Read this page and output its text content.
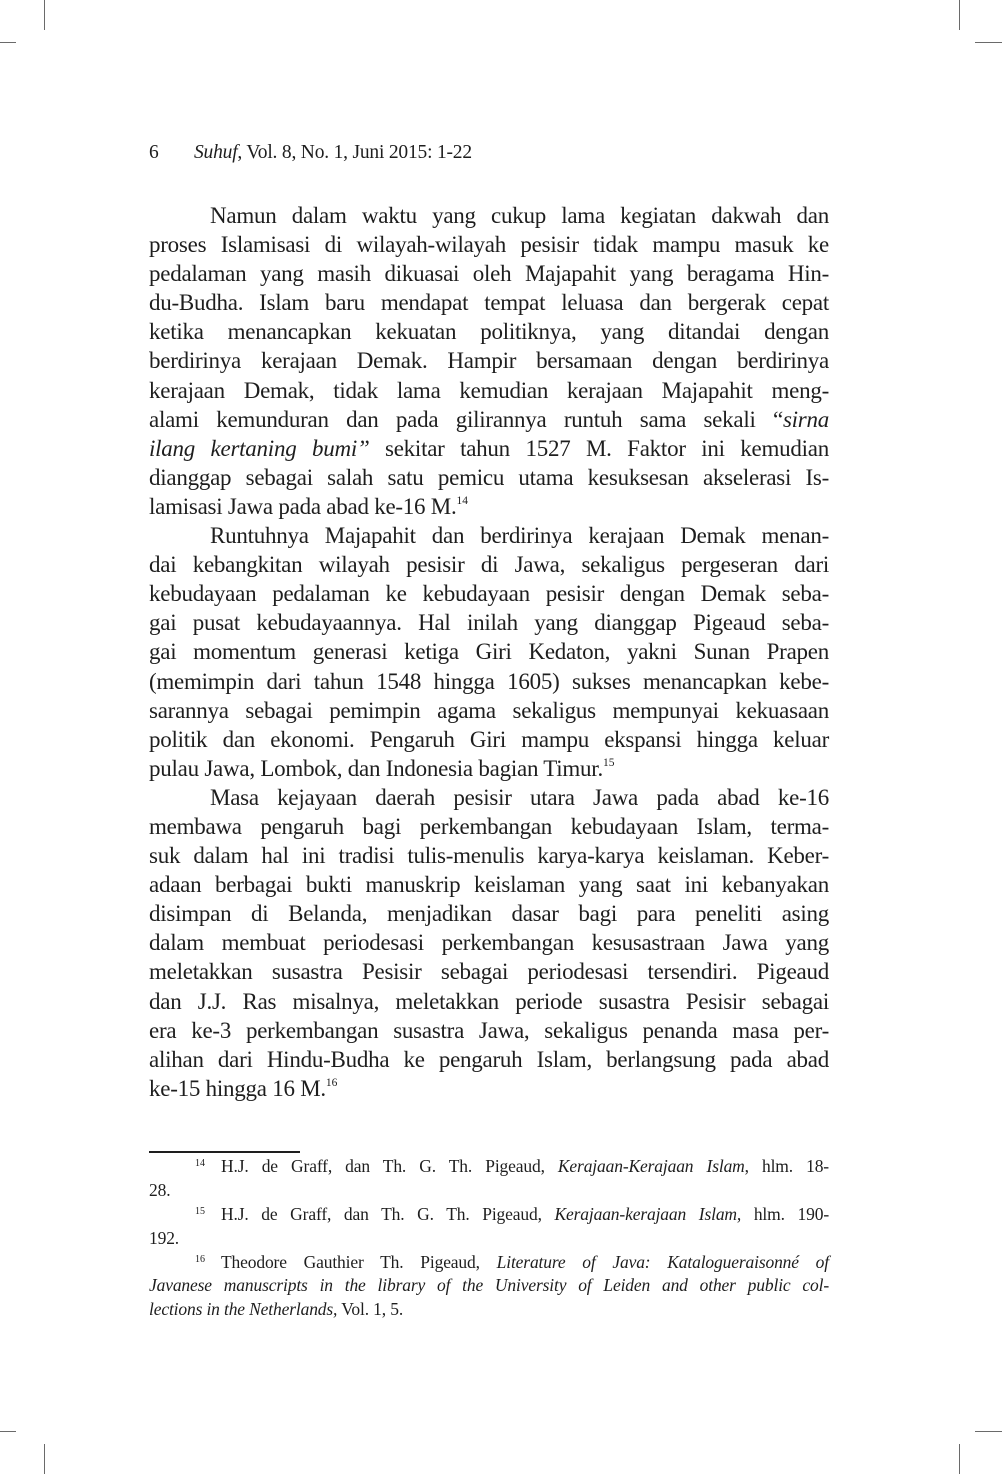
6 Suhuf, Vol. 8, No. 1, Juni 2015: 1-22
Namun dalam waktu yang cukup lama kegiatan dakwah dan
proses Islamisasi di wilayah-wilayah pesisir tidak mampu masuk ke
pedalaman yang masih dikuasai oleh Majapahit yang beragama Hin-
du-Budha. Islam baru mendapat tempat leluasa dan bergerak cepat
ketika menancapkan kekuatan politiknya, yang ditandai dengan
berdirinya kerajaan Demak. Hampir bersamaan dengan berdirinya
kerajaan Demak, tidak lama kemudian kerajaan Majapahit meng-
alami kemunduran dan pada gilirannya runtuh sama sekali “sirna
ilang kertaning bumi” sekitar tahun 1527 M. Faktor ini kemudian
dianggap sebagai salah satu pemicu utama kesuksesan akselerasi Is-
lamisasi Jawa pada abad ke-16 M.$^{14}$
Runtuhnya Majapahit dan berdirinya kerajaan Demak menan-
dai kebangkitan wilayah pesisir di Jawa, sekaligus pergeseran dari
kebudayaan pedalaman ke kebudayaan pesisir dengan Demak seba-
gai pusat kebudayaannya. Hal inilah yang dianggap Pigeaud seba-
gai momentum generasi ketiga Giri Kedaton, yakni Sunan Prapen
(memimpin dari tahun 1548 hingga 1605) sukses menancapkan kebe-
sarannya sebagai pemimpin agama sekaligus mempunyai kekuasaan
politik dan ekonomi. Pengaruh Giri mampu ekspansi hingga keluar
pulau Jawa, Lombok, dan Indonesia bagian Timur.$^{15}$
Masa kejayaan daerah pesisir utara Jawa pada abad ke-16
membawa pengaruh bagi perkembangan kebudayaan Islam, terma-
suk dalam hal ini tradisi tulis-menulis karya-karya keislaman. Keber-
adaan berbagai bukti manuskrip keislaman yang saat ini kebanyakan
disimpan di Belanda, menjadikan dasar bagi para peneliti asing
dalam membuat periodesasi perkembangan kesusastraan Jawa yang
meletakkan susastra Pesisir sebagai periodesasi tersendiri. Pigeaud
dan J.J. Ras misalnya, meletakkan periode susastra Pesisir sebagai
era ke-3 perkembangan susastra Jawa, sekaligus penanda masa per-
alihan dari Hindu-Budha ke pengaruh Islam, berlangsung pada abad
ke-15 hingga 16 M.$^{16}$
$^{14}$ H.J. de Graff, dan Th. G. Th. Pigeaud, Kerajaan-Kerajaan Islam, hlm. 18-
28.
$^{15}$ H.J. de Graff, dan Th. G. Th. Pigeaud, Kerajaan-kerajaan Islam, hlm. 190-
192.
$^{16}$ Theodore Gauthier Th. Pigeaud, Literature of Java: Katalogueraisonné of
Javanese manuscripts in the library of the University of Leiden and other public col-
lections in the Netherlands, Vol. 1, 5.
